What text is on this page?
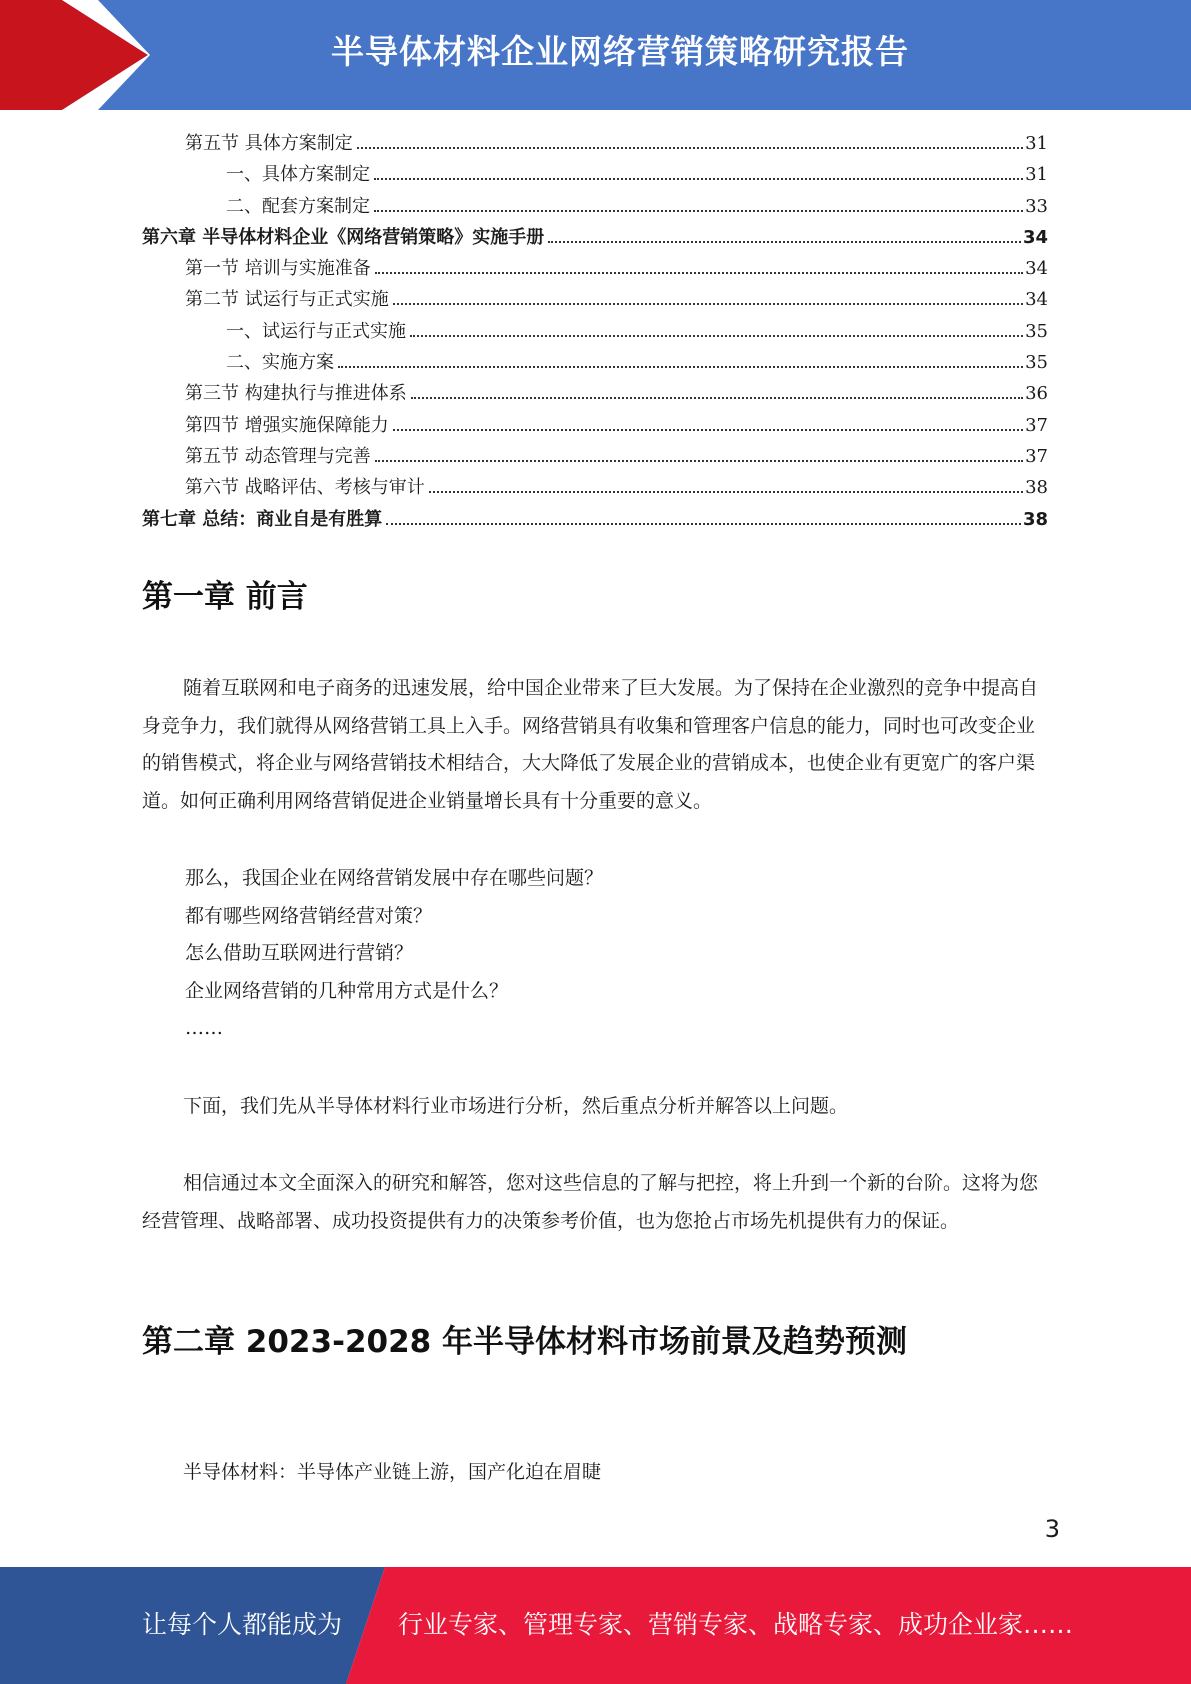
半导体材料企业网络营销策略研究报告
第五节 具体方案制定	31
一、具体方案制定	31
二、配套方案制定	33
第六章 半导体材料企业《网络营销策略》实施手册	34
第一节 培训与实施准备	34
第二节 试运行与正式实施	34
一、试运行与正式实施	35
二、实施方案	35
第三节 构建执行与推进体系	36
第四节 增强实施保障能力	37
第五节 动态管理与完善	37
第六节 战略评估、考核与审计	38
第七章 总结：商业自是有胜算	38
第一章 前言

随着互联网和电子商务的迅速发展，给中国企业带来了巨大发展。为了保持在企业激烈的竞争中提高自身竞争力，我们就得从网络营销工具上入手。网络营销具有收集和管理客户信息的能力，同时也可改变企业的销售模式，将企业与网络营销技术相结合，大大降低了发展企业的营销成本，也使企业有更宽广的客户渠道。如何正确利用网络营销促进企业销量增长具有十分重要的意义。

那么，我国企业在网络营销发展中存在哪些问题？
都有哪些网络营销经营对策？
怎么借助互联网进行营销？
企业网络营销的几种常用方式是什么？
……

下面，我们先从半导体材料行业市场进行分析，然后重点分析并解答以上问题。

相信通过本文全面深入的研究和解答，您对这些信息的了解与把控，将上升到一个新的台阶。这将为您经营管理、战略部署、成功投资提供有力的决策参考价值，也为您抢占市场先机提供有力的保证。

第二章 2023-2028 年半导体材料市场前景及趋势预测

半导体材料：半导体产业链上游，国产化迫在眉睫

3
让每个人都能成为 行业专家、管理专家、营销专家、战略专家、成功企业家……
